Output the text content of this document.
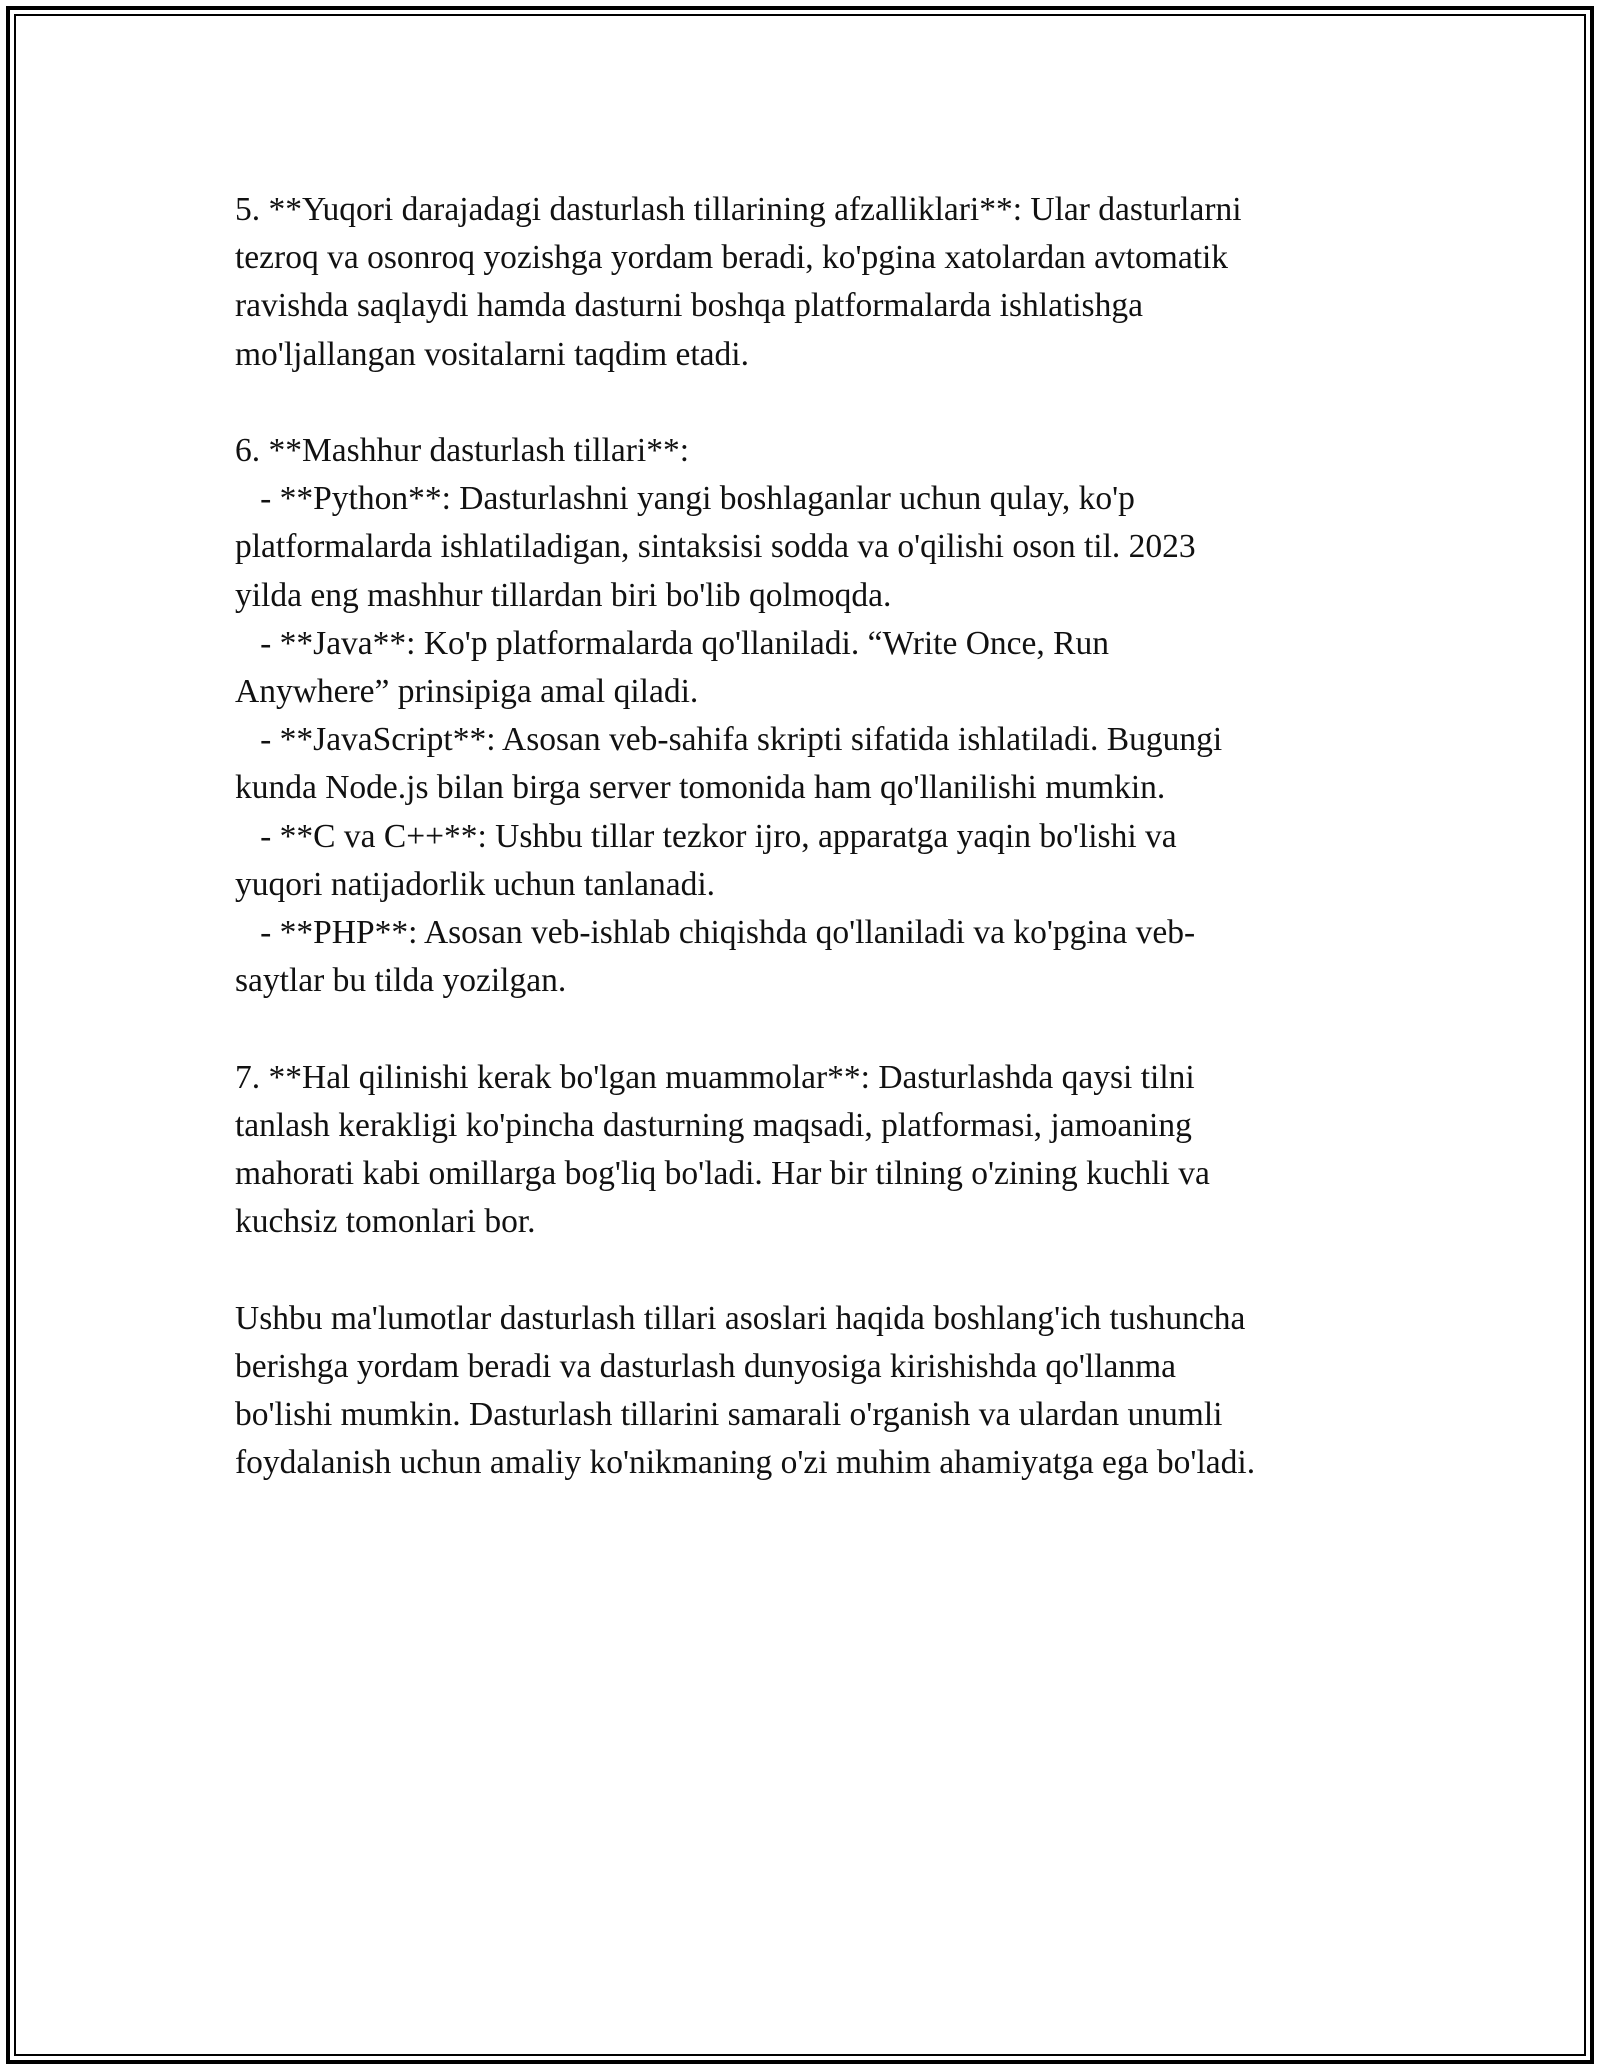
5. **Yuqori darajadagi dasturlash tillarining afzalliklari**: Ular dasturlarni
tezroq va osonroq yozishga yordam beradi, ko'pgina xatolardan avtomatik
ravishda saqlaydi hamda dasturni boshqa platformalarda ishlatishga
mo'ljallangan vositalarni taqdim etadi.

6. **Mashhur dasturlash tillari**:
- **Python**: Dasturlashni yangi boshlaganlar uchun qulay, ko'p
platformalarda ishlatiladigan, sintaksisi sodda va o'qilishi oson til. 2023
yilda eng mashhur tillardan biri bo'lib qolmoqda.
- **Java**: Ko'p platformalarda qo'llaniladi. “Write Once, Run
Anywhere” prinsipiga amal qiladi.
- **JavaScript**: Asosan veb-sahifa skripti sifatida ishlatiladi. Bugungi
kunda Node.js bilan birga server tomonida ham qo'llanilishi mumkin.
- **C va C++**: Ushbu tillar tezkor ijro, apparatga yaqin bo'lishi va
yuqori natijadorlik uchun tanlanadi.
- **PHP**: Asosan veb-ishlab chiqishda qo'llaniladi va ko'pgina veb-
saytlar bu tilda yozilgan.

7. **Hal qilinishi kerak bo'lgan muammolar**: Dasturlashda qaysi tilni
tanlash kerakligi ko'pincha dasturning maqsadi, platformasi, jamoaning
mahorati kabi omillarga bog'liq bo'ladi. Har bir tilning o'zining kuchli va
kuchsiz tomonlari bor.

Ushbu ma'lumotlar dasturlash tillari asoslari haqida boshlang'ich tushuncha
berishga yordam beradi va dasturlash dunyosiga kirishishda qo'llanma
bo'lishi mumkin. Dasturlash tillarini samarali o'rganish va ulardan unumli
foydalanish uchun amaliy ko'nikmaning o'zi muhim ahamiyatga ega bo'ladi.
